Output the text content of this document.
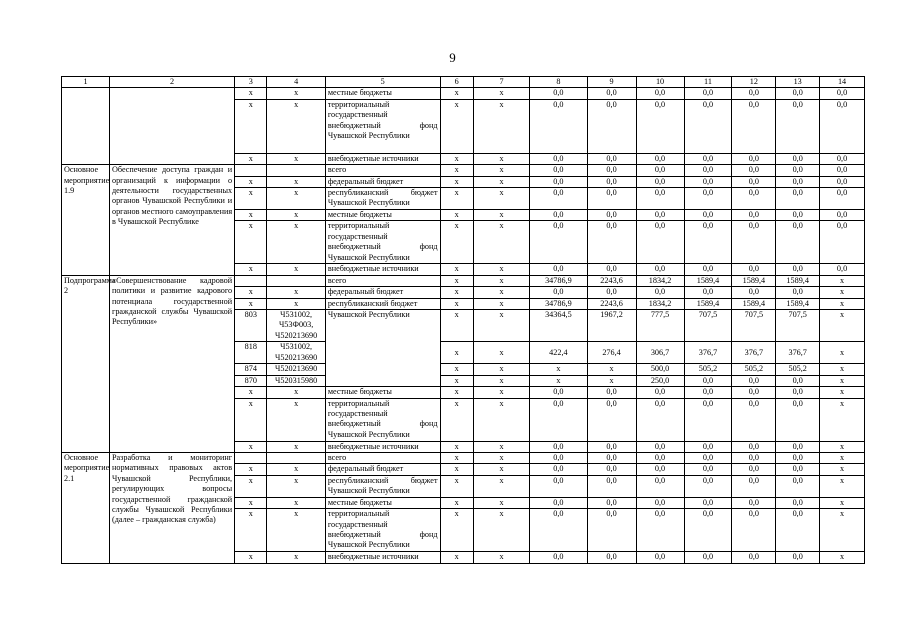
9
1	2	3	4	5	6	7	8	9	10	11	12	13	14
		x	x	местные бюджеты	x	x	0,0	0,0	0,0	0,0	0,0	0,0	0,0
		x	x	территориальный государственный внебюджетный фонд Чувашской Республики	x	x	0,0	0,0	0,0	0,0	0,0	0,0	0,0
		x	x	внебюджетные источники	x	x	0,0	0,0	0,0	0,0	0,0	0,0	0,0
Основное мероприятие 1.9	Обеспечение доступа граждан и организаций к информации о деятельности государственных органов Чувашской Республики и органов местного самоуправления в Чувашской Республике			всего	x	x	0,0	0,0	0,0	0,0	0,0	0,0	0,0
		x	x	федеральный бюджет	x	x	0,0	0,0	0,0	0,0	0,0	0,0	0,0
		x	x	республиканский бюджет Чувашской Республики	x	x	0,0	0,0	0,0	0,0	0,0	0,0	0,0
		x	x	местные бюджеты	x	x	0,0	0,0	0,0	0,0	0,0	0,0	0,0
		x	x	территориальный государственный внебюджетный фонд Чувашской Республики	x	x	0,0	0,0	0,0	0,0	0,0	0,0	0,0
		x	x	внебюджетные источники	x	x	0,0	0,0	0,0	0,0	0,0	0,0	0,0
Подпрограмма 2	«Совершенствование кадровой политики и развитие кадрового потенциала государственной гражданской службы Чувашской Республики»			всего	x	x	34786,9	2243,6	1834,2	1589,4	1589,4	1589,4	x
		x	x	федеральный бюджет	x	x	0,0	0,0	0,0	0,0	0,0	0,0	x
		x	x	республиканский бюджет	x	x	34786,9	2243,6	1834,2	1589,4	1589,4	1589,4	x
		803	Ч531002, Ч53Ф003, Ч520213690	Чувашской Республики	x	x	34364,5	1967,2	777,5	707,5	707,5	707,5	x
		818	Ч531002, Ч520213690		x	x	422,4	276,4	306,7	376,7	376,7	376,7	x
		874	Ч520213690		x	x	x	x	500,0	505,2	505,2	505,2	x
		870	Ч520315980		x	x	x	x	250,0	0,0	0,0	0,0	x
		x	x	местные бюджеты	x	x	0,0	0,0	0,0	0,0	0,0	0,0	x
		x	x	территориальный государственный внебюджетный фонд Чувашской Республики	x	x	0,0	0,0	0,0	0,0	0,0	0,0	x
		x	x	внебюджетные источники	x	x	0,0	0,0	0,0	0,0	0,0	0,0	x
Основное мероприятие 2.1	Разработка и мониторинг нормативных правовых актов Чувашской Республики, регулирующих вопросы государственной гражданской службы Чувашской Республики (далее – гражданская служба)			всего	x	x	0,0	0,0	0,0	0,0	0,0	0,0	x
		x	x	федеральный бюджет	x	x	0,0	0,0	0,0	0,0	0,0	0,0	x
		x	x	республиканский бюджет Чувашской Республики	x	x	0,0	0,0	0,0	0,0	0,0	0,0	x
		x	x	местные бюджеты	x	x	0,0	0,0	0,0	0,0	0,0	0,0	x
		x	x	территориальный государственный внебюджетный фонд Чувашской Республики	x	x	0,0	0,0	0,0	0,0	0,0	0,0	x
		x	x	внебюджетные источники	x	x	0,0	0,0	0,0	0,0	0,0	0,0	x
